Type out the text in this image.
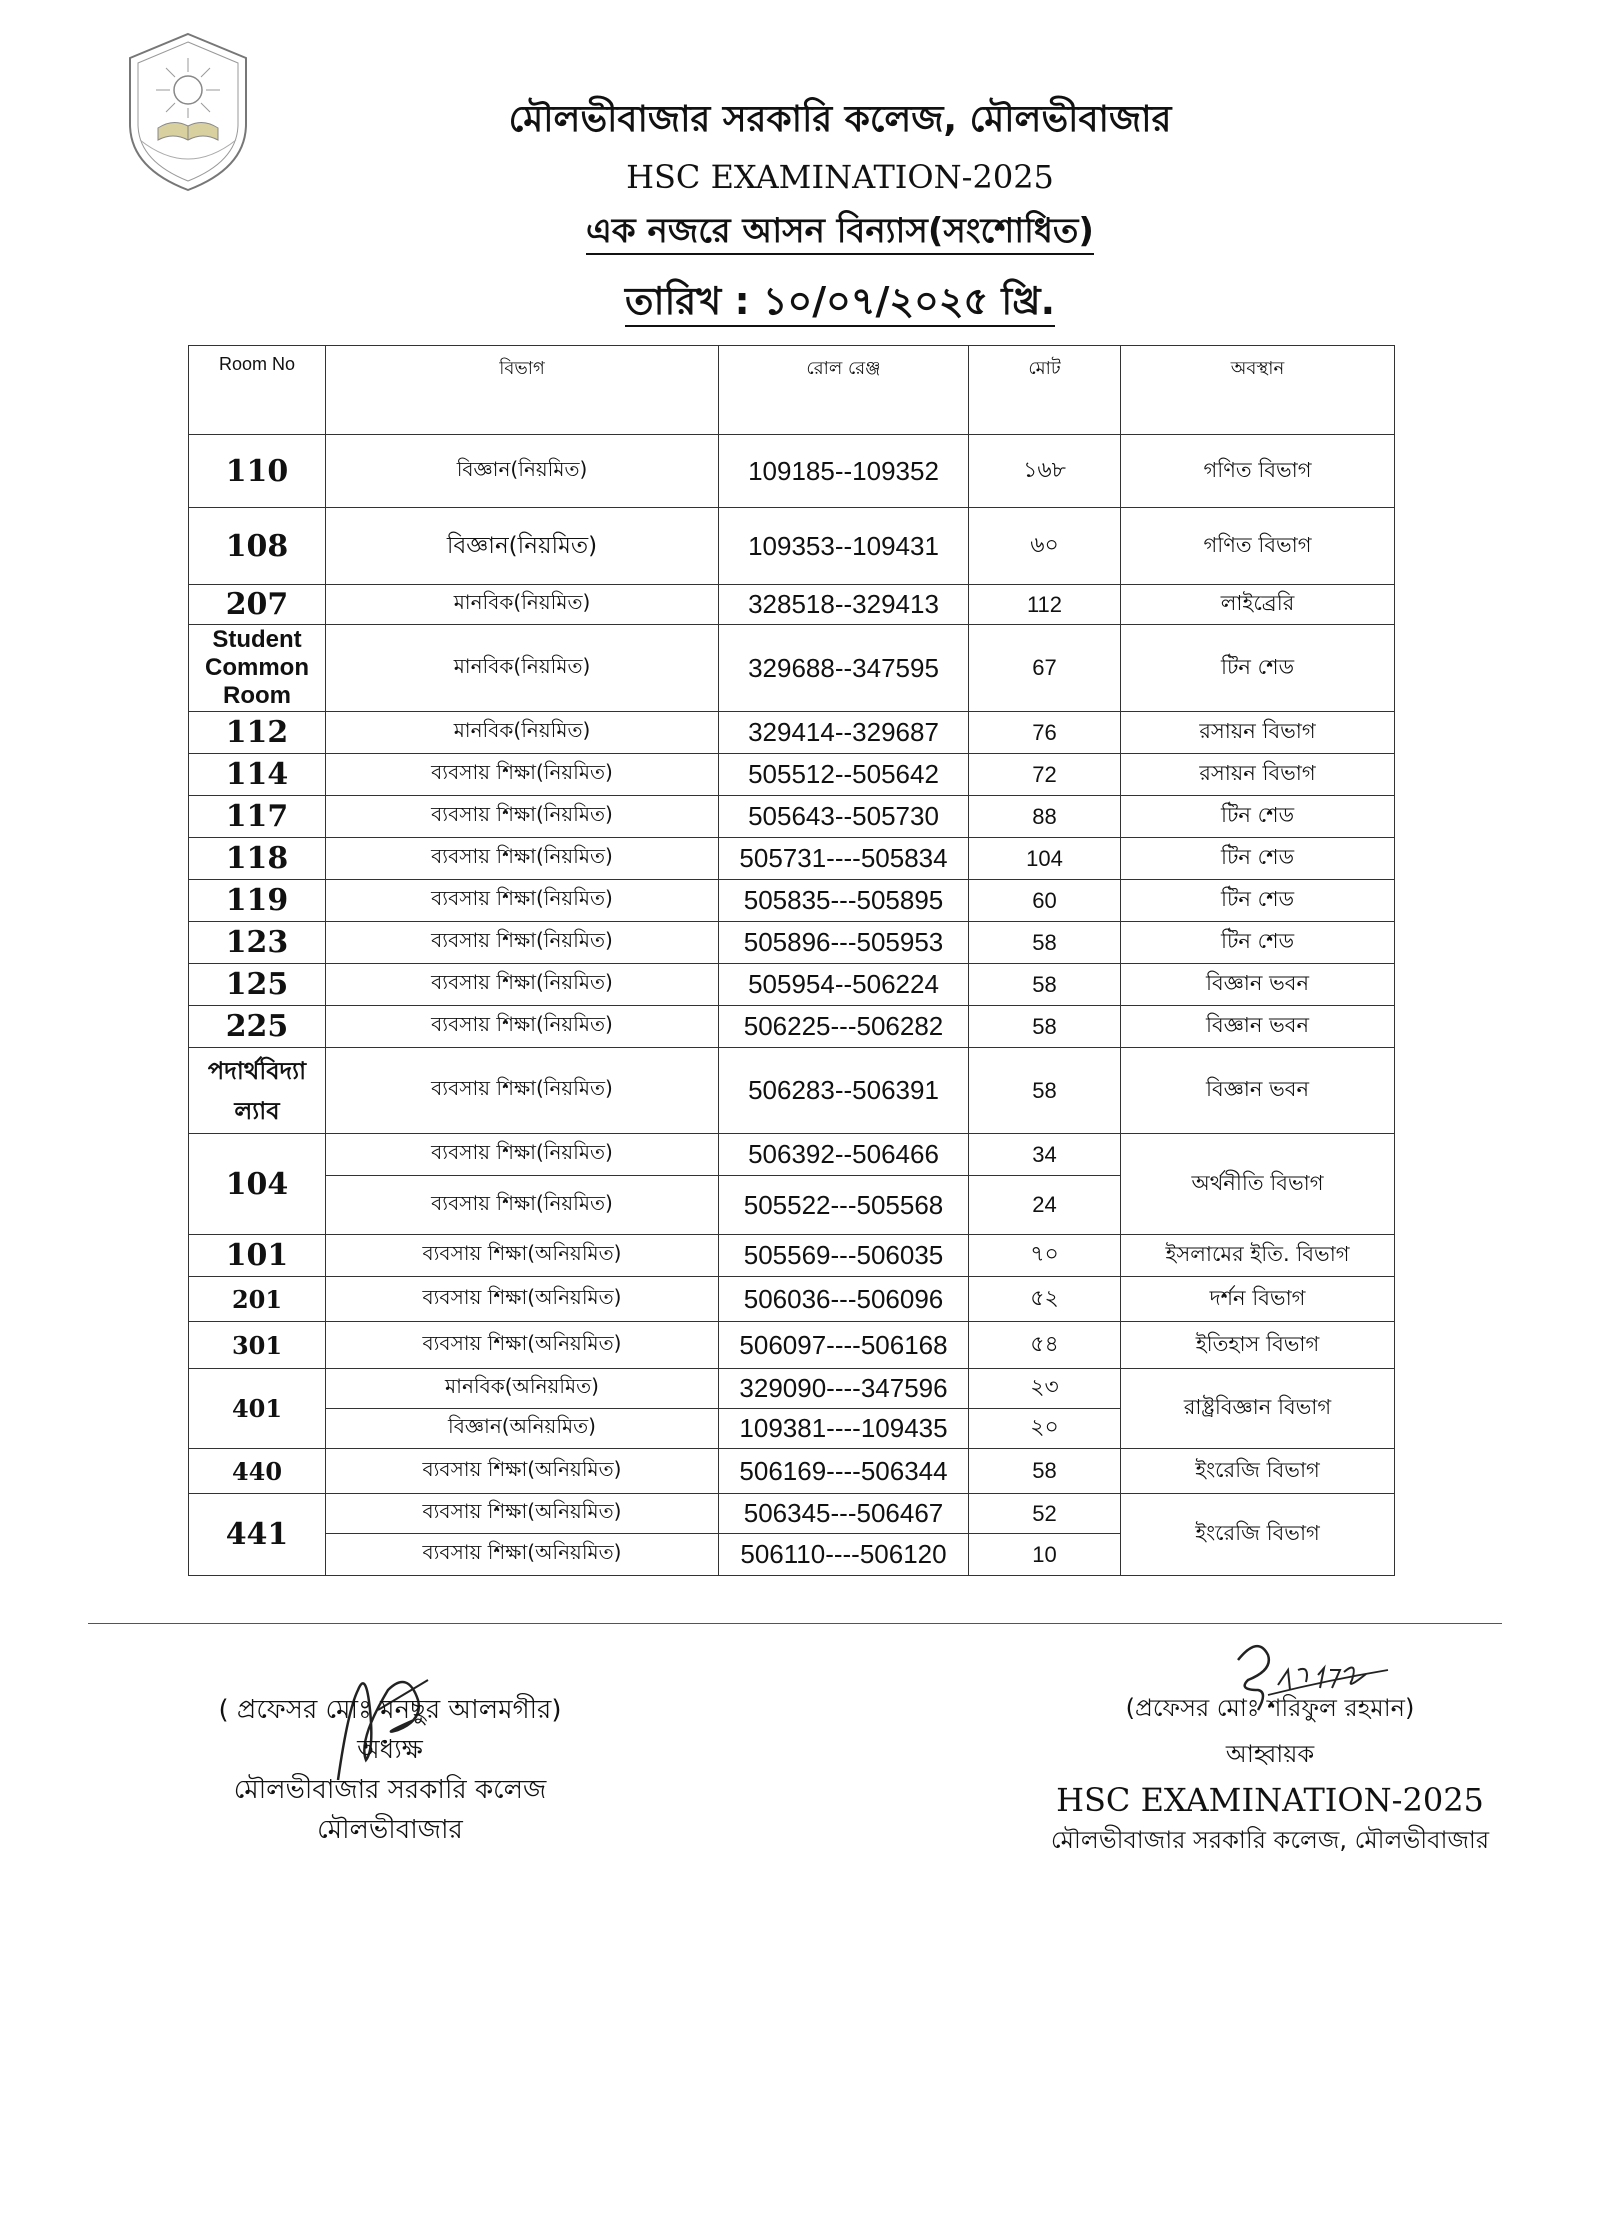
মৌলভীবাজার সরকারি কলেজ, মৌলভীবাজার
HSC EXAMINATION-2025
এক নজরে আসন বিন্যাস(সংশোধিত)
তারিখ : ১০/০৭/২০২৫ খ্রি.
Room No	বিভাগ	রোল রেঞ্জ	মোট	অবস্থান
110	বিজ্ঞান(নিয়মিত)	109185--109352	১৬৮	গণিত বিভাগ
108	বিজ্ঞান(নিয়মিত)	109353--109431	৬০	গণিত বিভাগ
207	মানবিক(নিয়মিত)	328518--329413	112	লাইব্রেরি
Student Common Room	মানবিক(নিয়মিত)	329688--347595	67	টিন শেড
112	মানবিক(নিয়মিত)	329414--329687	76	রসায়ন বিভাগ
114	ব্যবসায় শিক্ষা(নিয়মিত)	505512--505642	72	রসায়ন বিভাগ
117	ব্যবসায় শিক্ষা(নিয়মিত)	505643--505730	88	টিন শেড
118	ব্যবসায় শিক্ষা(নিয়মিত)	505731----505834	104	টিন শেড
119	ব্যবসায় শিক্ষা(নিয়মিত)	505835---505895	60	টিন শেড
123	ব্যবসায় শিক্ষা(নিয়মিত)	505896---505953	58	টিন শেড
125	ব্যবসায় শিক্ষা(নিয়মিত)	505954--506224	58	বিজ্ঞান ভবন
225	ব্যবসায় শিক্ষা(নিয়মিত)	506225---506282	58	বিজ্ঞান ভবন
পদার্থবিদ্যা ল্যাব	ব্যবসায় শিক্ষা(নিয়মিত)	506283--506391	58	বিজ্ঞান ভবন
104	ব্যবসায় শিক্ষা(নিয়মিত)	506392--506466	34	অর্থনীতি বিভাগ
	ব্যবসায় শিক্ষা(নিয়মিত)	505522---505568	24	
101	ব্যবসায় শিক্ষা(অনিয়মিত)	505569---506035	৭০	ইসলামের ইতি. বিভাগ
201	ব্যবসায় শিক্ষা(অনিয়মিত)	506036---506096	৫২	দর্শন বিভাগ
301	ব্যবসায় শিক্ষা(অনিয়মিত)	506097----506168	৫৪	ইতিহাস বিভাগ
401	মানবিক(অনিয়মিত)	329090----347596	২৩	রাষ্ট্রবিজ্ঞান বিভাগ
	বিজ্ঞান(অনিয়মিত)	109381----109435	২০	
440	ব্যবসায় শিক্ষা(অনিয়মিত)	506169----506344	58	ইংরেজি বিভাগ
441	ব্যবসায় শিক্ষা(অনিয়মিত)	506345---506467	52	ইংরেজি বিভাগ
	ব্যবসায় শিক্ষা(অনিয়মিত)	506110----506120	10	
( প্রফেসর মোঃ মনছুর আলমগীর)
অধ্যক্ষ
মৌলভীবাজার সরকারি কলেজ
মৌলভীবাজার
(প্রফেসর মোঃ শরিফুল রহমান)
আহ্বায়ক
HSC EXAMINATION-2025
মৌলভীবাজার সরকারি কলেজ, মৌলভীবাজার
